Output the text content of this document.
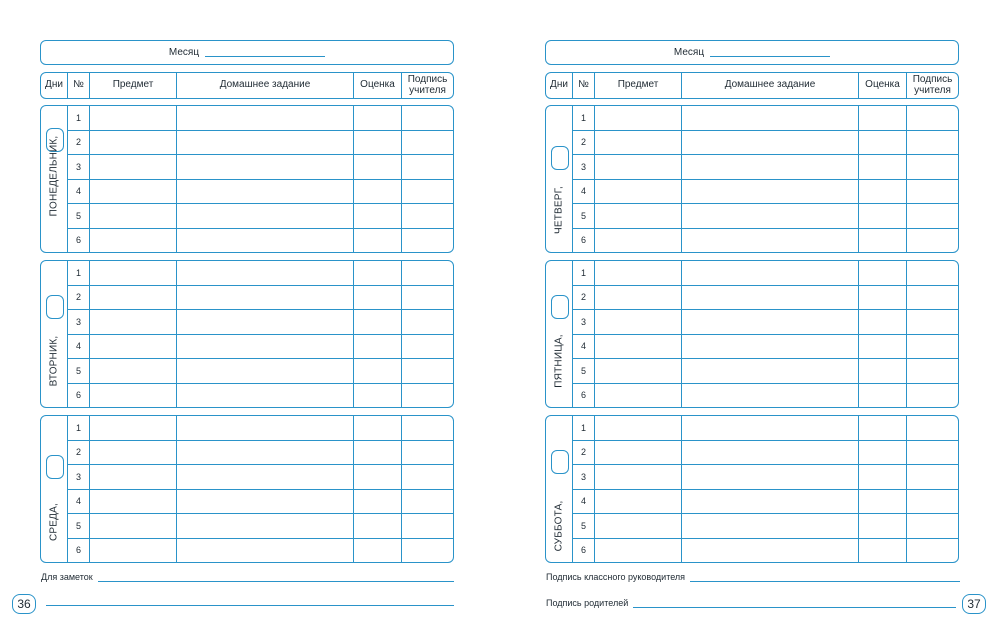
Месяц
Дни	№	Предмет	Домашнее задание	Оценка	Подпись
учителя
ПОНЕДЕЛЬНИК,
1
2
3
4
5
6
ВТОРНИК,
1
2
3
4
5
6
СРЕДА,
1
2
3
4
5
6
Месяц
Дни	№	Предмет	Домашнее задание	Оценка	Подпись
учителя
ЧЕТВЕРГ,
1
2
3
4
5
6
ПЯТНИЦА,
1
2
3
4
5
6
СУББОТА,
1
2
3
4
5
6
Для заметок	Подпись классного руководителя
Подпись родителей
36	37
